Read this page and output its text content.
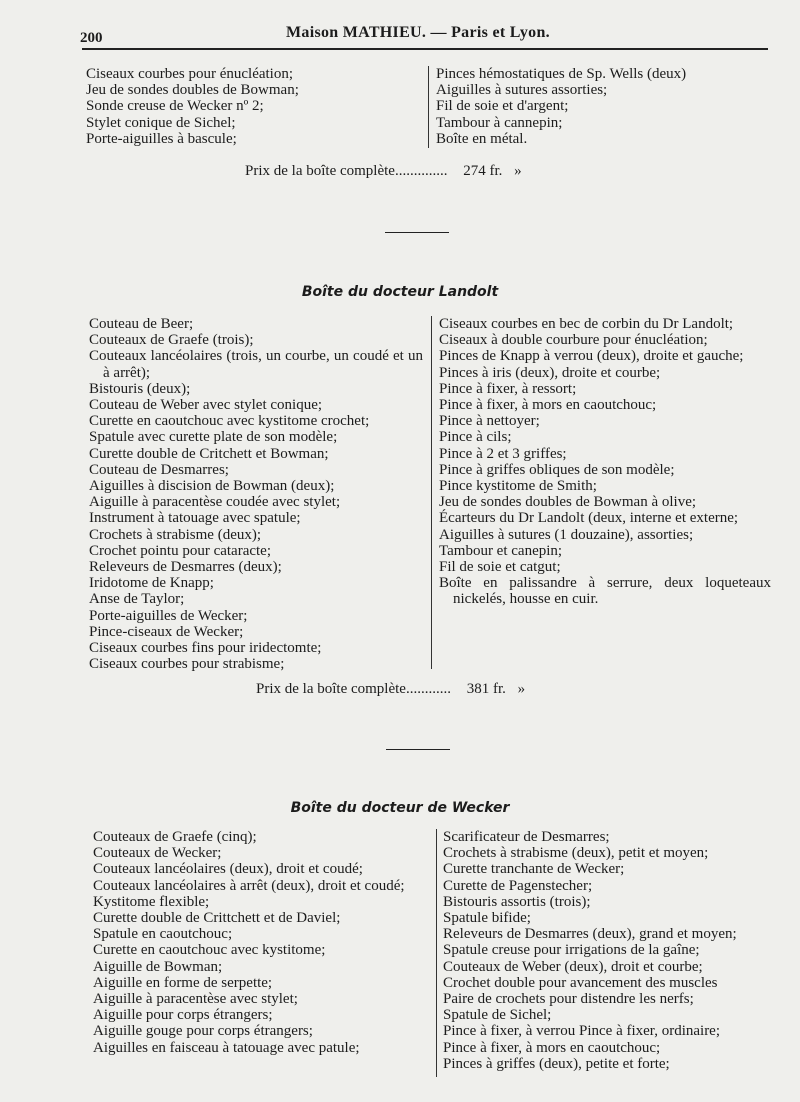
200	Maison MATHIEU. — Paris et Lyon.

Ciseaux courbes pour énucléation;

Jeu de sondes doubles de Bowman;

Sonde creuse de Wecker nº 2;

Stylet conique de Sichel;

Porte-aiguilles à bascule;

Pinces hémostatiques de Sp. Wells (deux)

Aiguilles à sutures assorties;

Fil de soie et d'argent;

Tambour à cannepin;

Boîte en métal.

Prix de la boîte complète.............. 274 fr. »
Boîte du docteur Landolt

Couteau de Beer;

Couteaux de Graefe (trois);

Couteaux lancéolaires (trois, un courbe, un coudé et un à arrêt);

Bistouris (deux);

Couteau de Weber avec stylet conique;

Curette en caoutchouc avec kystitome crochet;

Spatule avec curette plate de son modèle;

Curette double de Critchett et Bowman;

Couteau de Desmarres;

Aiguilles à discision de Bowman (deux);

Aiguille à paracentèse coudée avec stylet;

Instrument à tatouage avec spatule;

Crochets à strabisme (deux);

Crochet pointu pour cataracte;

Releveurs de Desmarres (deux);

Iridotome de Knapp;

Anse de Taylor;

Porte-aiguilles de Wecker;

Pince-ciseaux de Wecker;

Ciseaux courbes fins pour iridectomte;

Ciseaux courbes pour strabisme;

Ciseaux courbes en bec de corbin du Dr Landolt;

Ciseaux à double courbure pour énucléation;

Pinces de Knapp à verrou (deux), droite et gauche;

Pinces à iris (deux), droite et courbe;

Pince à fixer, à ressort;

Pince à fixer, à mors en caoutchouc;

Pince à nettoyer;

Pince à cils;

Pince à 2 et 3 griffes;

Pince à griffes obliques de son modèle;

Pince kystitome de Smith;

Jeu de sondes doubles de Bowman à olive;

Écarteurs du Dr Landolt (deux, interne et externe;

Aiguilles à sutures (1 douzaine), assorties;

Tambour et canepin;

Fil de soie et catgut;

Boîte en palissandre à serrure, deux loqueteaux nickelés, housse en cuir.

Prix de la boîte complète............ 381 fr. »
Boîte du docteur de Wecker

Couteaux de Graefe (cinq);

Couteaux de Wecker;

Couteaux lancéolaires (deux), droit et coudé;

Couteaux lancéolaires à arrêt (deux), droit et coudé;

Kystitome flexible;

Curette double de Crittchett et de Daviel;

Spatule en caoutchouc;

Curette en caoutchouc avec kystitome;

Aiguille de Bowman;

Aiguille en forme de serpette;

Aiguille à paracentèse avec stylet;

Aiguille pour corps étrangers;

Aiguille gouge pour corps étrangers;

Aiguilles en faisceau à tatouage avec patule;

Scarificateur de Desmarres;

Crochets à strabisme (deux), petit et moyen;

Curette tranchante de Wecker;

Curette de Pagenstecher;

Bistouris assortis (trois);

Spatule bifide;

Releveurs de Desmarres (deux), grand et moyen;

Spatule creuse pour irrigations de la gaîne;

Couteaux de Weber (deux), droit et courbe;

Crochet double pour avancement des muscles

Paire de crochets pour distendre les nerfs;

Spatule de Sichel;

Pince à fixer, à verrou Pince à fixer, ordinaire;

Pince à fixer, à mors en caoutchouc;

Pinces à griffes (deux), petite et forte;
